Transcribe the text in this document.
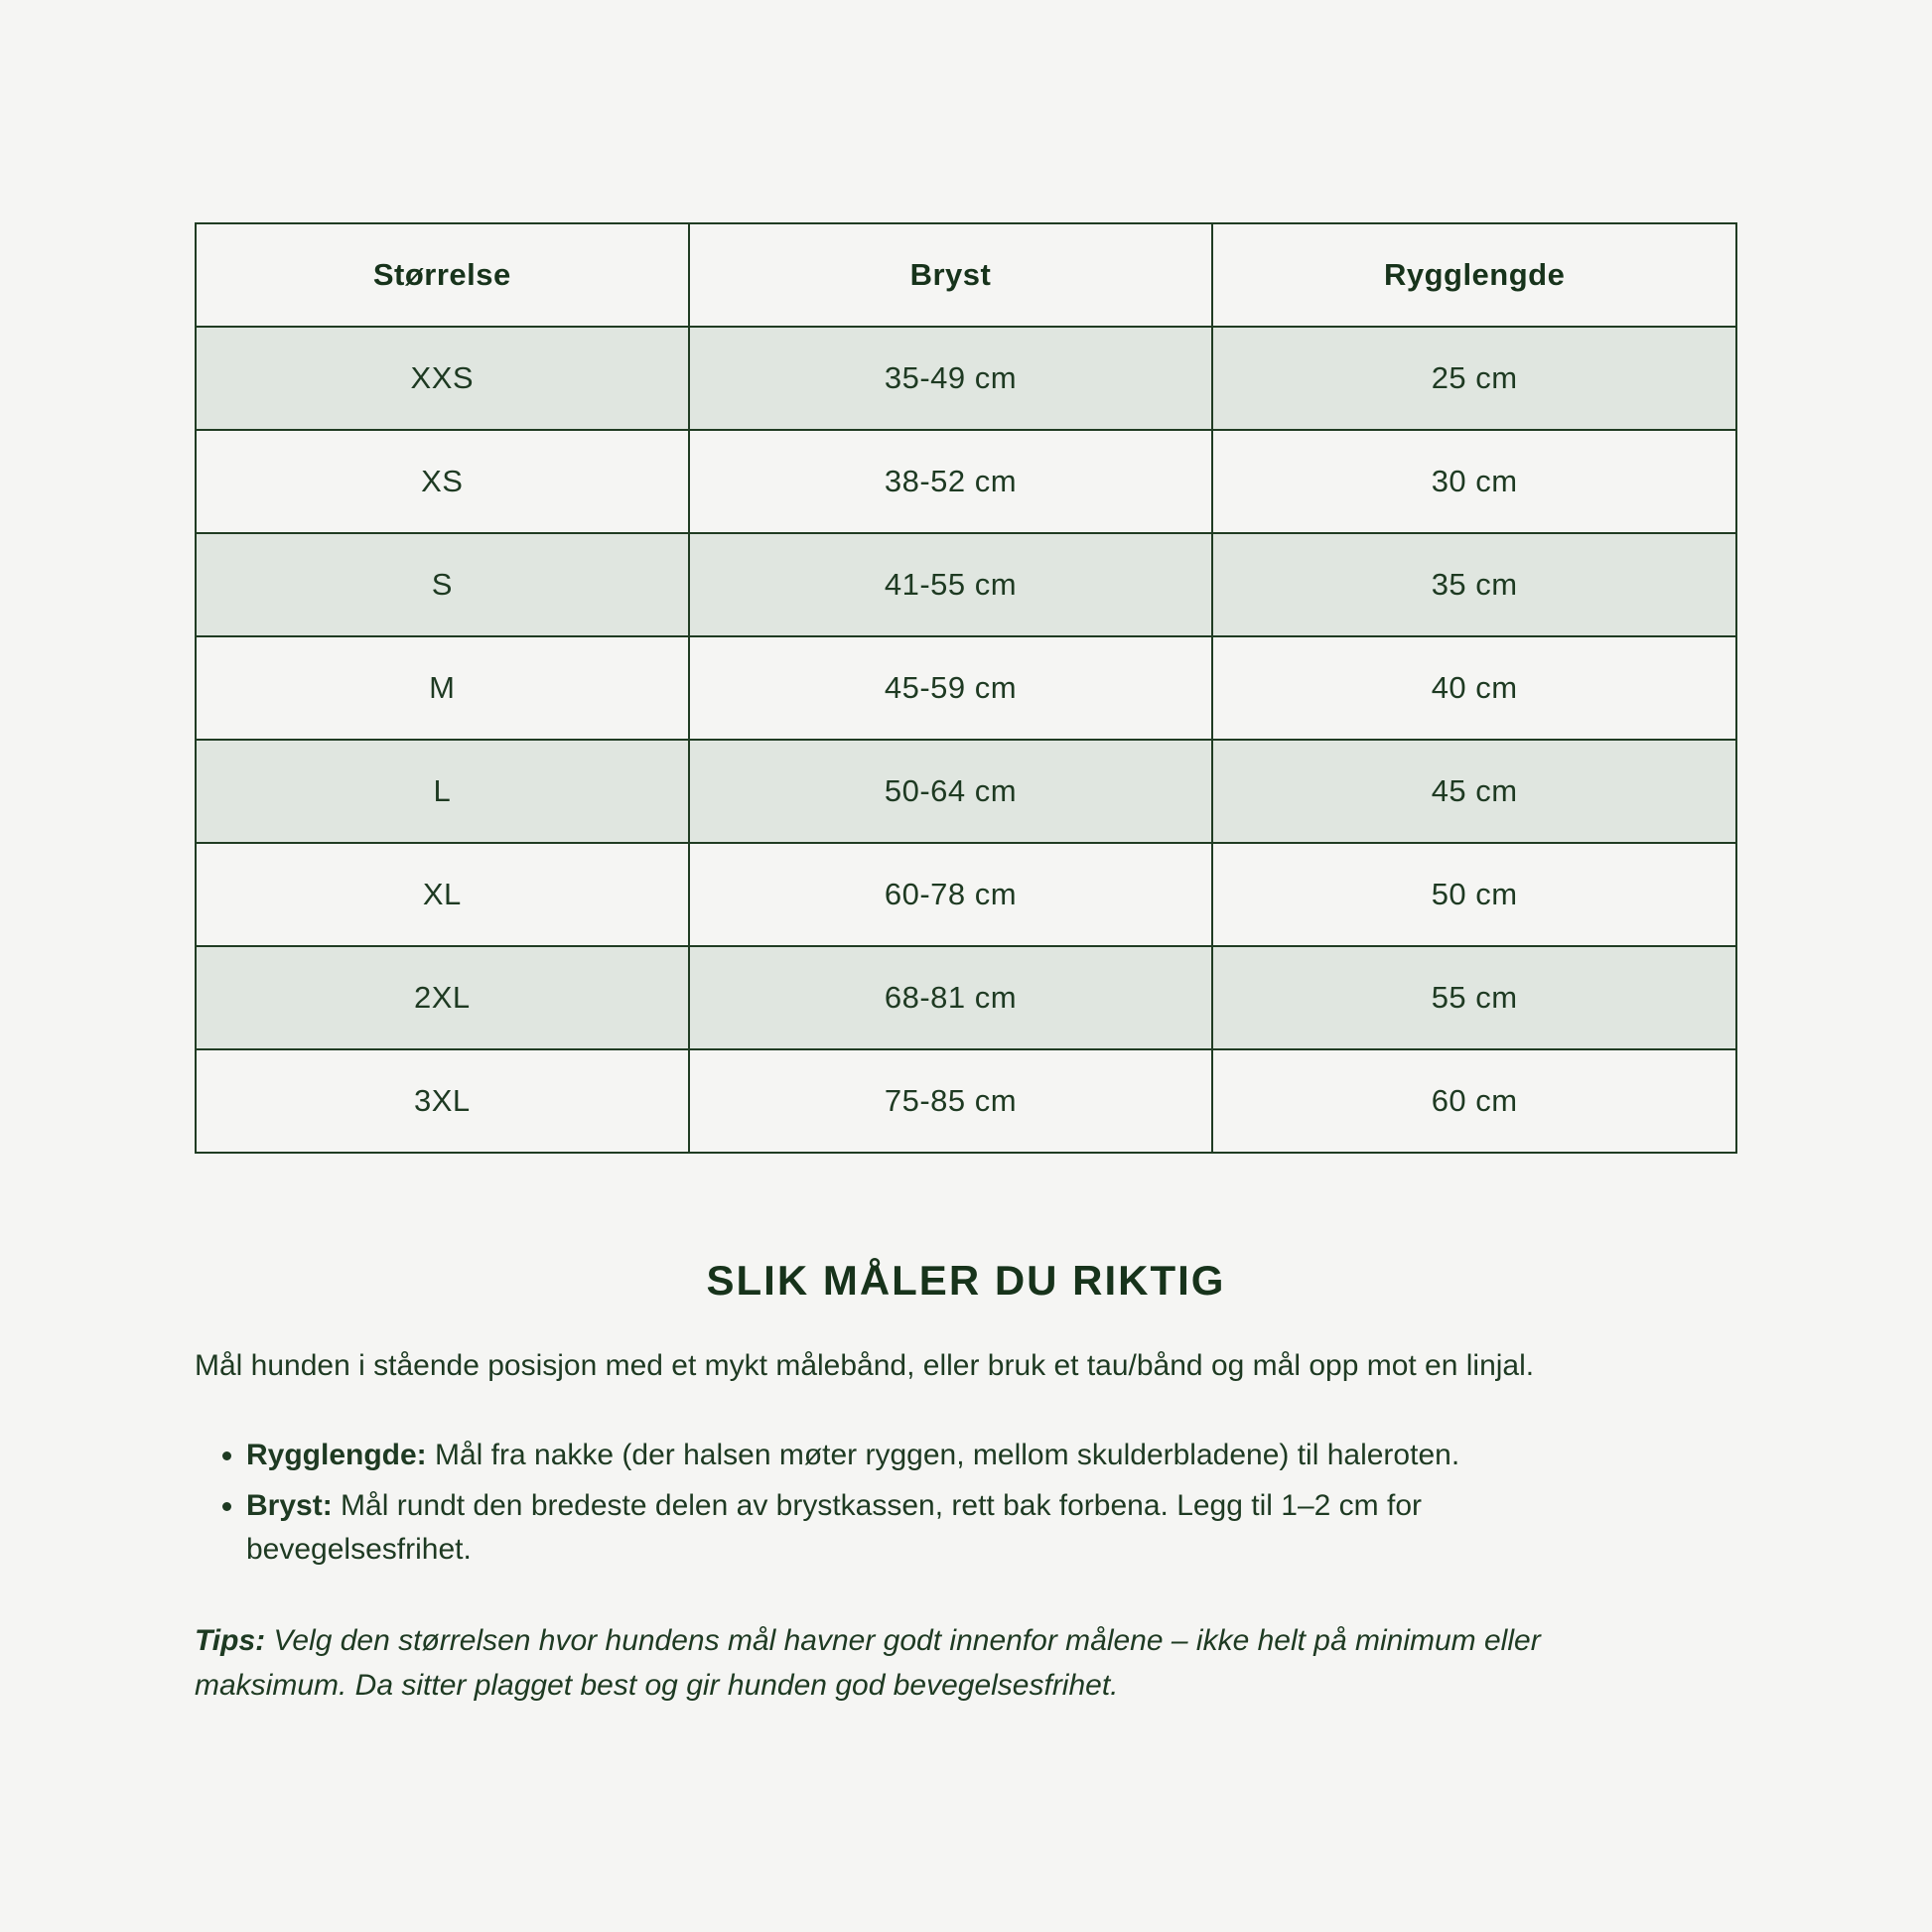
Størrelse	Bryst	Rygglengde
XXS	35-49 cm	25 cm
XS	38-52 cm	30 cm
S	41-55 cm	35 cm
M	45-59 cm	40 cm
L	50-64 cm	45 cm
XL	60-78 cm	50 cm
2XL	68-81 cm	55 cm
3XL	75-85 cm	60 cm
SLIK MÅLER DU RIKTIG

Mål hunden i stående posisjon med et mykt målebånd, eller bruk et tau/bånd og mål opp mot en linjal.

• Rygglengde: Mål fra nakke (der halsen møter ryggen, mellom skulderbladene) til haleroten.
• Bryst: Mål rundt den bredeste delen av brystkassen, rett bak forbena. Legg til 1–2 cm for bevegelsesfrihet.

Tips: Velg den størrelsen hvor hundens mål havner godt innenfor målene – ikke helt på minimum eller maksimum. Da sitter plagget best og gir hunden god bevegelsesfrihet.
